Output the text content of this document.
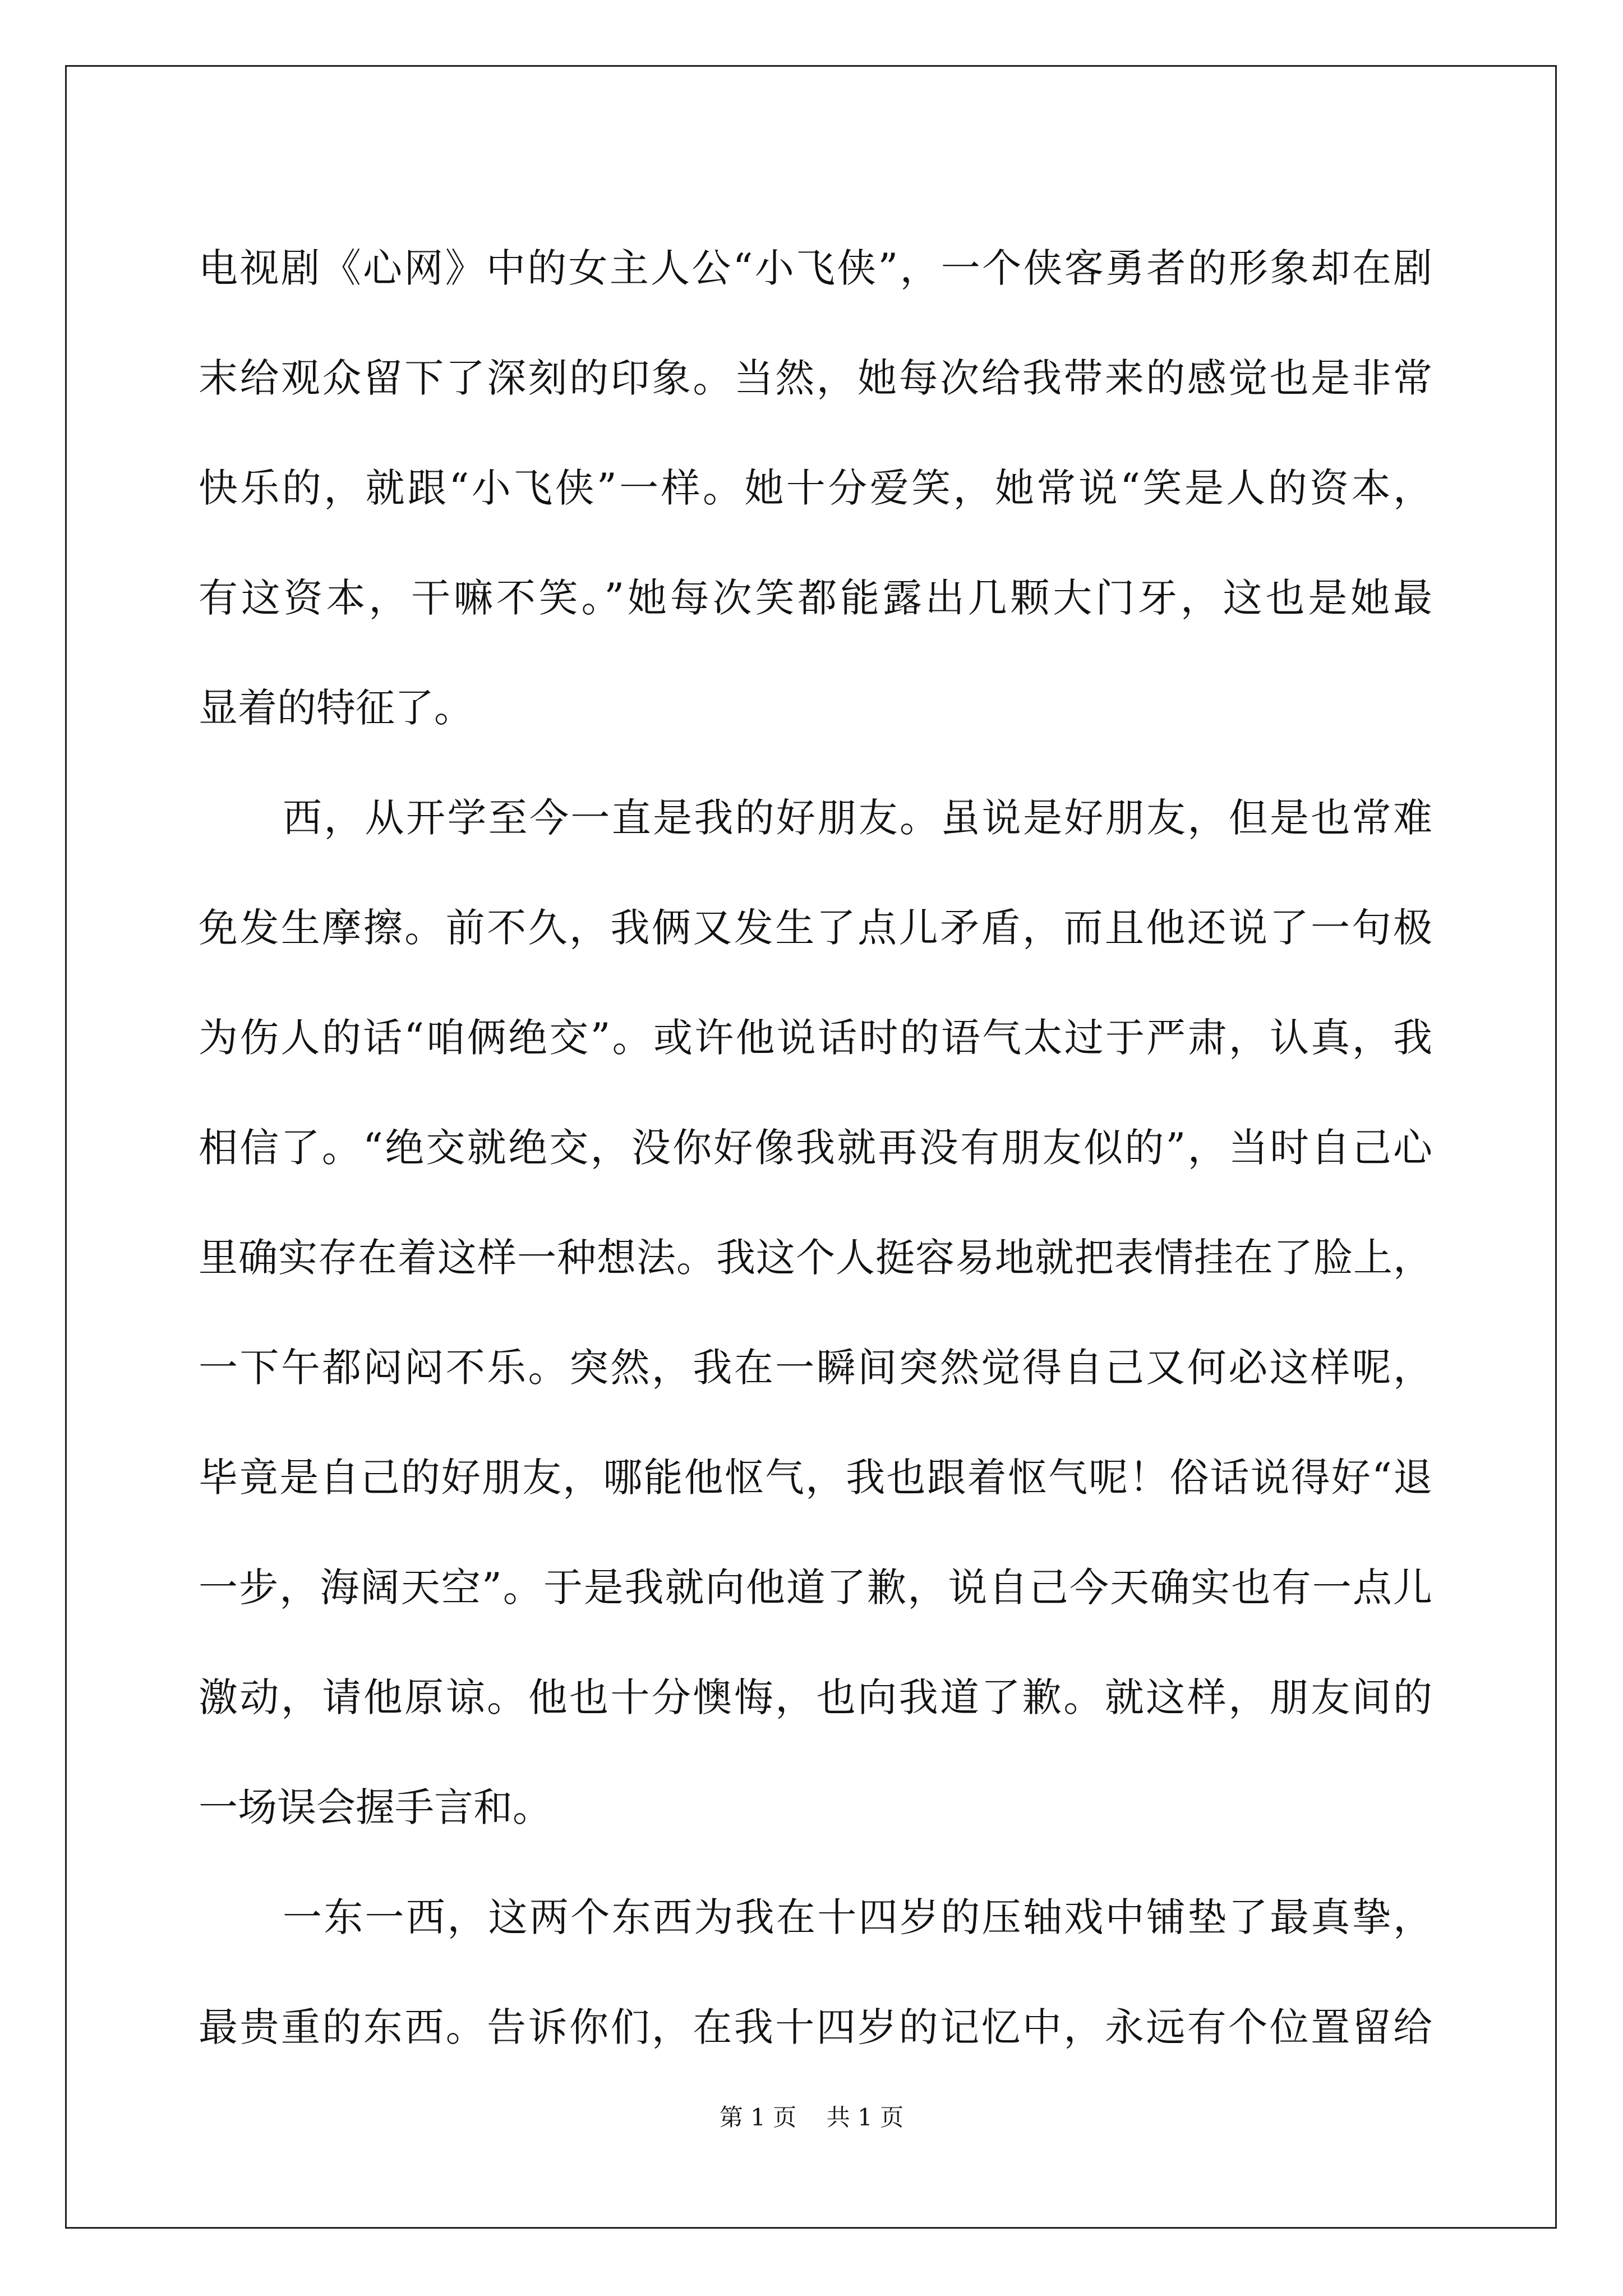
电视剧《心网》中的女主人公“小飞侠”，一个侠客勇者的形象却在剧
末给观众留下了深刻的印象。当然，她每次给我带来的感觉也是非常
快乐的，就跟“小飞侠”一样。她十分爱笑，她常说“笑是人的资本，
有这资本，干嘛不笑。”她每次笑都能露出几颗大门牙，这也是她最
显着的特征了。
西，从开学至今一直是我的好朋友。虽说是好朋友，但是也常难
免发生摩擦。前不久，我俩又发生了点儿矛盾，而且他还说了一句极
为伤人的话“咱俩绝交”。或许他说话时的语气太过于严肃，认真，我
相信了。“绝交就绝交，没你好像我就再没有朋友似的”，当时自己心
里确实存在着这样一种想法。我这个人挺容易地就把表情挂在了脸上，
一下午都闷闷不乐。突然，我在一瞬间突然觉得自己又何必这样呢，
毕竟是自己的好朋友，哪能他怄气，我也跟着怄气呢！俗话说得好“退
一步，海阔天空”。于是我就向他道了歉，说自己今天确实也有一点儿
激动，请他原谅。他也十分懊悔，也向我道了歉。就这样，朋友间的
一场误会握手言和。
一东一西，这两个东西为我在十四岁的压轴戏中铺垫了最真挚，
最贵重的东西。告诉你们，在我十四岁的记忆中，永远有个位置留给
第 1 页    共 1 页
